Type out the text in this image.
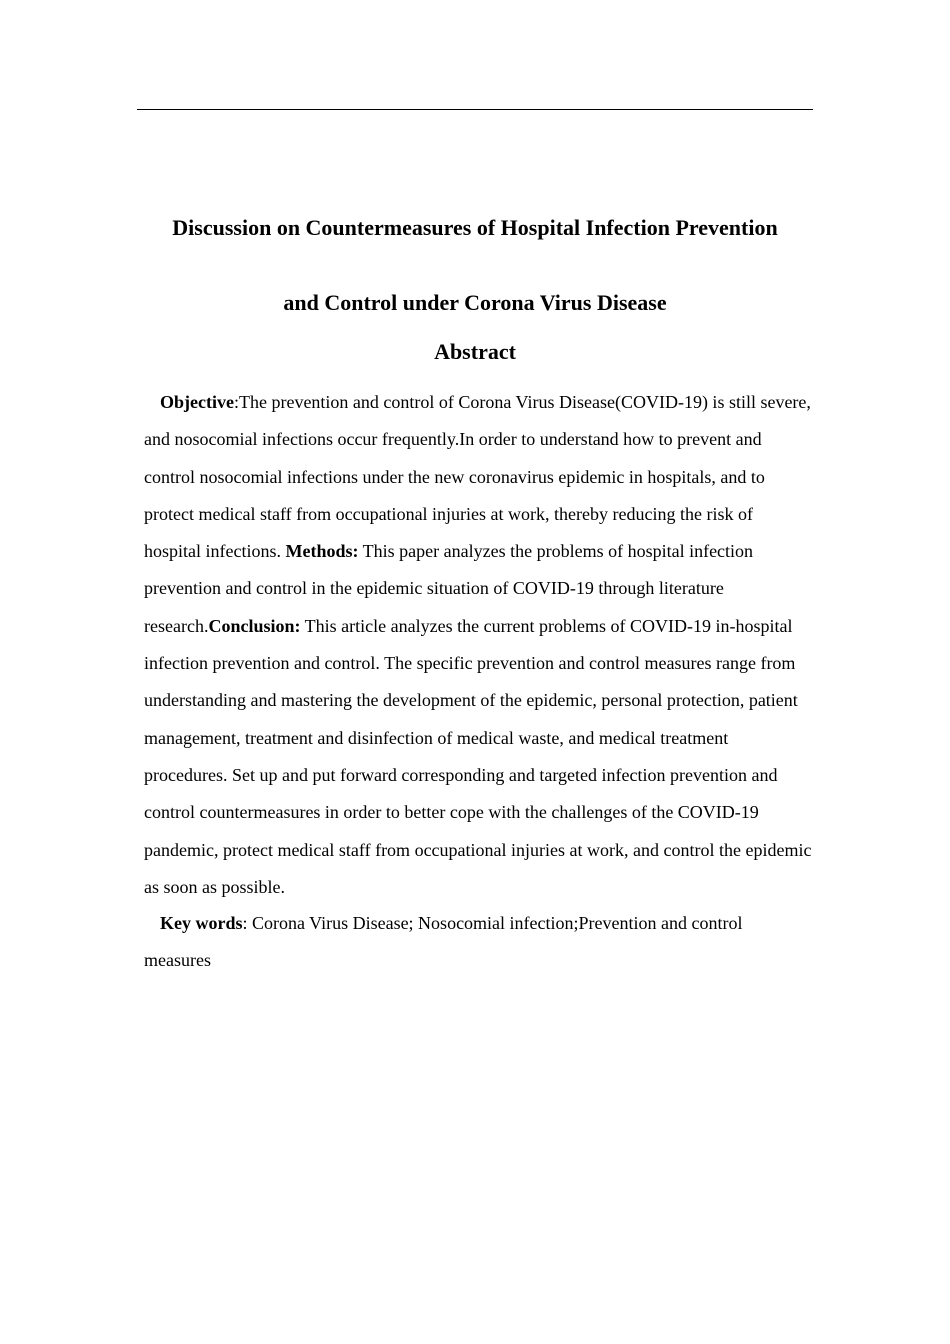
Discussion on Countermeasures of Hospital Infection Prevention
and Control under Corona Virus Disease
Abstract

Objective:The prevention and control of Corona Virus Disease(COVID-19) is still severe, and nosocomial infections occur frequently.In order to understand how to prevent and control nosocomial infections under the new coronavirus epidemic in hospitals, and to protect medical staff from occupational injuries at work, thereby reducing the risk of hospital infections. Methods: This paper analyzes the problems of hospital infection prevention and control in the epidemic situation of COVID-19 through literature research.Conclusion: This article analyzes the current problems of COVID-19 in-hospital infection prevention and control. The specific prevention and control measures range from understanding and mastering the development of the epidemic, personal protection, patient management, treatment and disinfection of medical waste, and medical treatment procedures. Set up and put forward corresponding and targeted infection prevention and control countermeasures in order to better cope with the challenges of the COVID-19 pandemic, protect medical staff from occupational injuries at work, and control the epidemic as soon as possible.

Key words: Corona Virus Disease; Nosocomial infection;Prevention and control measures
